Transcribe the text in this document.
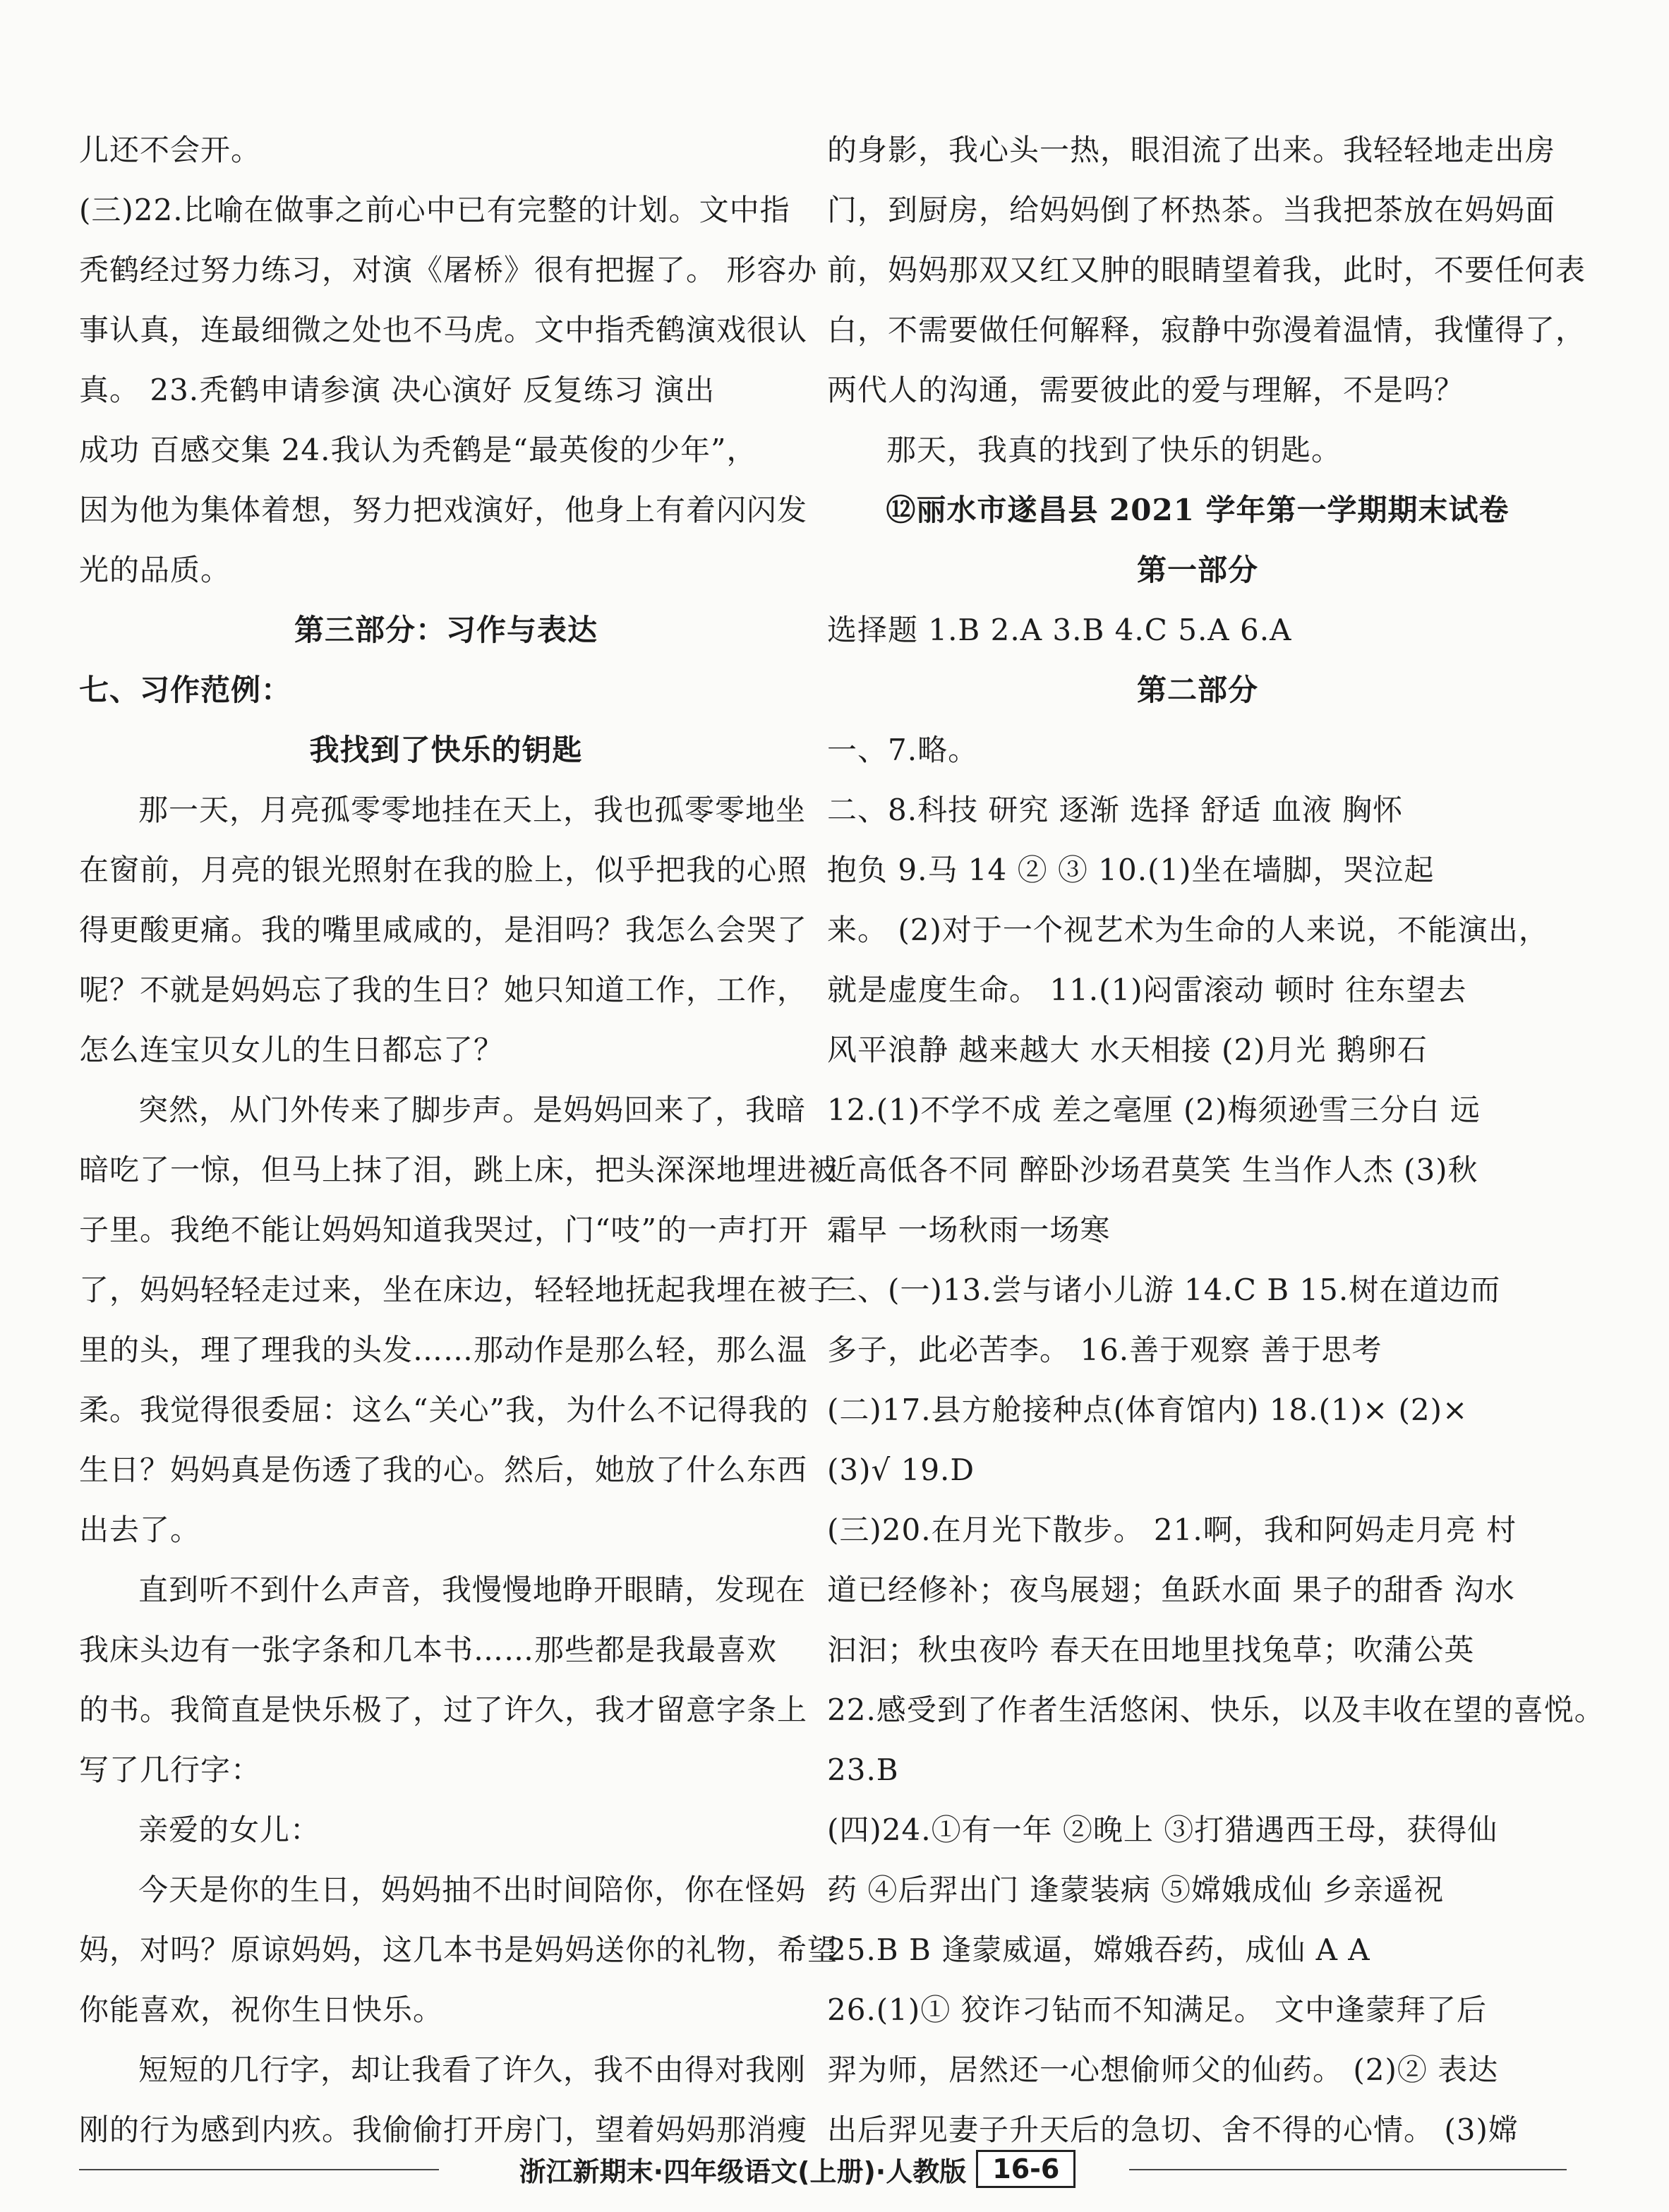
儿还不会开。
(三)22.比喻在做事之前心中已有完整的计划。文中指
秃鹤经过努力练习，对演《屠桥》很有把握了。 形容办
事认真，连最细微之处也不马虎。文中指秃鹤演戏很认
真。 23.秃鹤申请参演 决心演好 反复练习 演出
成功 百感交集 24.我认为秃鹤是“最英俊的少年”，
因为他为集体着想，努力把戏演好，他身上有着闪闪发
光的品质。
第三部分：习作与表达
七、习作范例：
我找到了快乐的钥匙
那一天，月亮孤零零地挂在天上，我也孤零零地坐
在窗前，月亮的银光照射在我的脸上，似乎把我的心照
得更酸更痛。我的嘴里咸咸的，是泪吗？我怎么会哭了
呢？不就是妈妈忘了我的生日？她只知道工作，工作，
怎么连宝贝女儿的生日都忘了？
突然，从门外传来了脚步声。是妈妈回来了，我暗
暗吃了一惊，但马上抹了泪，跳上床，把头深深地埋进被
子里。我绝不能让妈妈知道我哭过，门“吱”的一声打开
了，妈妈轻轻走过来，坐在床边，轻轻地抚起我埋在被子
里的头，理了理我的头发……那动作是那么轻，那么温
柔。我觉得很委屈：这么“关心”我，为什么不记得我的
生日？妈妈真是伤透了我的心。然后，她放了什么东西
出去了。
直到听不到什么声音，我慢慢地睁开眼睛，发现在
我床头边有一张字条和几本书……那些都是我最喜欢
的书。我简直是快乐极了，过了许久，我才留意字条上
写了几行字：
亲爱的女儿：
今天是你的生日，妈妈抽不出时间陪你，你在怪妈
妈，对吗？原谅妈妈，这几本书是妈妈送你的礼物，希望
你能喜欢，祝你生日快乐。
短短的几行字，却让我看了许久，我不由得对我刚
刚的行为感到内疚。我偷偷打开房门，望着妈妈那消瘦
的身影，我心头一热，眼泪流了出来。我轻轻地走出房
门，到厨房，给妈妈倒了杯热茶。当我把茶放在妈妈面
前，妈妈那双又红又肿的眼睛望着我，此时，不要任何表
白，不需要做任何解释，寂静中弥漫着温情，我懂得了，
两代人的沟通，需要彼此的爱与理解，不是吗？
那天，我真的找到了快乐的钥匙。
⑫丽水市遂昌县 2021 学年第一学期期末试卷
第一部分
选择题 1.B 2.A 3.B 4.C 5.A 6.A
第二部分
一、7.略。
二、8.科技 研究 逐渐 选择 舒适 血液 胸怀
抱负 9.马 14 ② ③ 10.(1)坐在墙脚，哭泣起
来。 (2)对于一个视艺术为生命的人来说，不能演出，
就是虚度生命。 11.(1)闷雷滚动 顿时 往东望去
风平浪静 越来越大 水天相接 (2)月光 鹅卵石
12.(1)不学不成 差之毫厘 (2)梅须逊雪三分白 远
近高低各不同 醉卧沙场君莫笑 生当作人杰 (3)秋
霜早 一场秋雨一场寒
三、(一)13.尝与诸小儿游 14.C B 15.树在道边而
多子，此必苦李。 16.善于观察 善于思考
(二)17.县方舱接种点(体育馆内) 18.(1)× (2)×
(3)√ 19.D
(三)20.在月光下散步。 21.啊，我和阿妈走月亮 村
道已经修补；夜鸟展翅；鱼跃水面 果子的甜香 沟水
汩汩；秋虫夜吟 春天在田地里找兔草；吹蒲公英
22.感受到了作者生活悠闲、快乐，以及丰收在望的喜悦。
23.B
(四)24.①有一年 ②晚上 ③打猎遇西王母，获得仙
药 ④后羿出门 逢蒙装病 ⑤嫦娥成仙 乡亲遥祝
25.B B 逢蒙威逼，嫦娥吞药，成仙 A A
26.(1)① 狡诈刁钻而不知满足。 文中逢蒙拜了后
羿为师，居然还一心想偷师父的仙药。 (2)② 表达
出后羿见妻子升天后的急切、舍不得的心情。 (3)嫦
浙江新期末·四年级语文(上册)·人教版 16-6
